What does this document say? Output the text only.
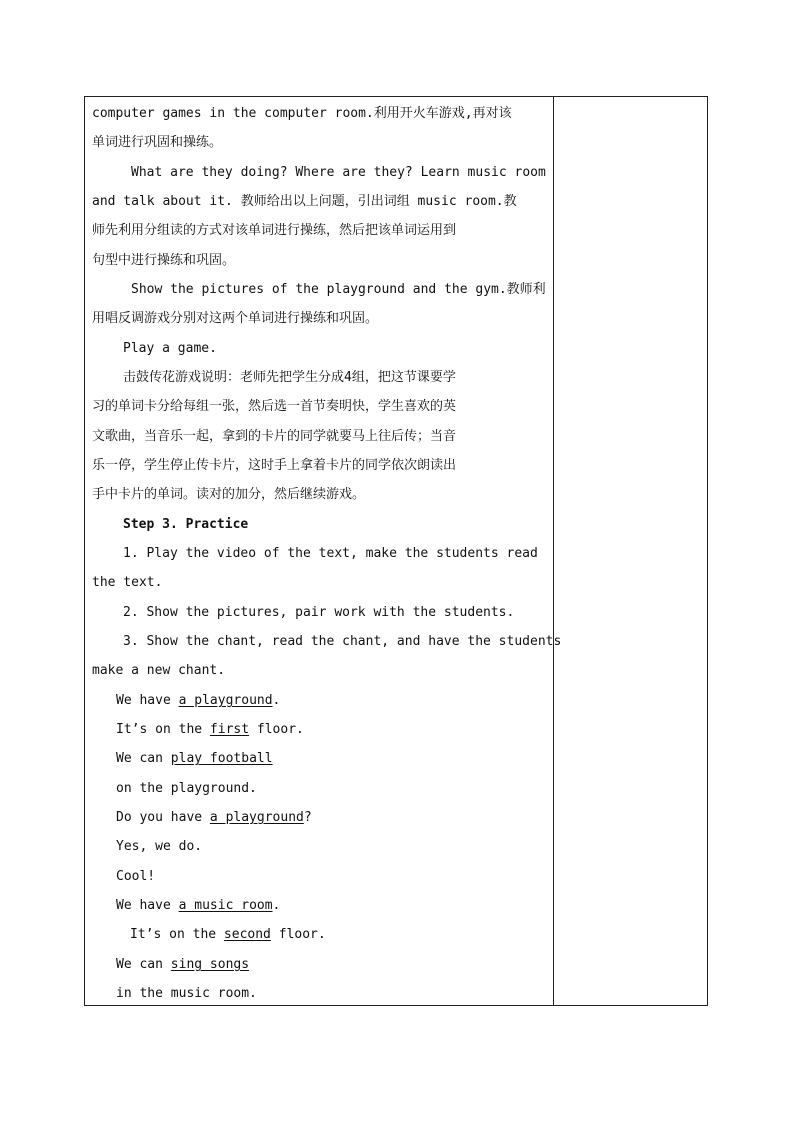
computer games in the computer room.利用开火车游戏,再对该
单词进行巩固和操练。
What are they doing? Where are they? Learn music room
and talk about it. 教师给出以上问题，引出词组 music room.教
师先利用分组读的方式对该单词进行操练，然后把该单词运用到
句型中进行操练和巩固。
Show the pictures of the playground and the gym.教师利
用唱反调游戏分别对这两个单词进行操练和巩固。
Play a game.
击鼓传花游戏说明：老师先把学生分成4组，把这节课要学
习的单词卡分给每组一张，然后选一首节奏明快，学生喜欢的英
文歌曲，当音乐一起，拿到的卡片的同学就要马上往后传；当音
乐一停，学生停止传卡片，这时手上拿着卡片的同学依次朗读出
手中卡片的单词。读对的加分，然后继续游戏。
Step 3. Practice
1. Play the video of the text, make the students read
the text.
2. Show the pictures, pair work with the students.
3. Show the chant, read the chant, and have the students
make a new chant.
We have a playground.
It’s on the first floor.
We can play football
on the playground.
Do you have a playground?
Yes, we do.
Cool!
We have a music room.
It’s on the second floor.
We can sing songs
in the music room.
